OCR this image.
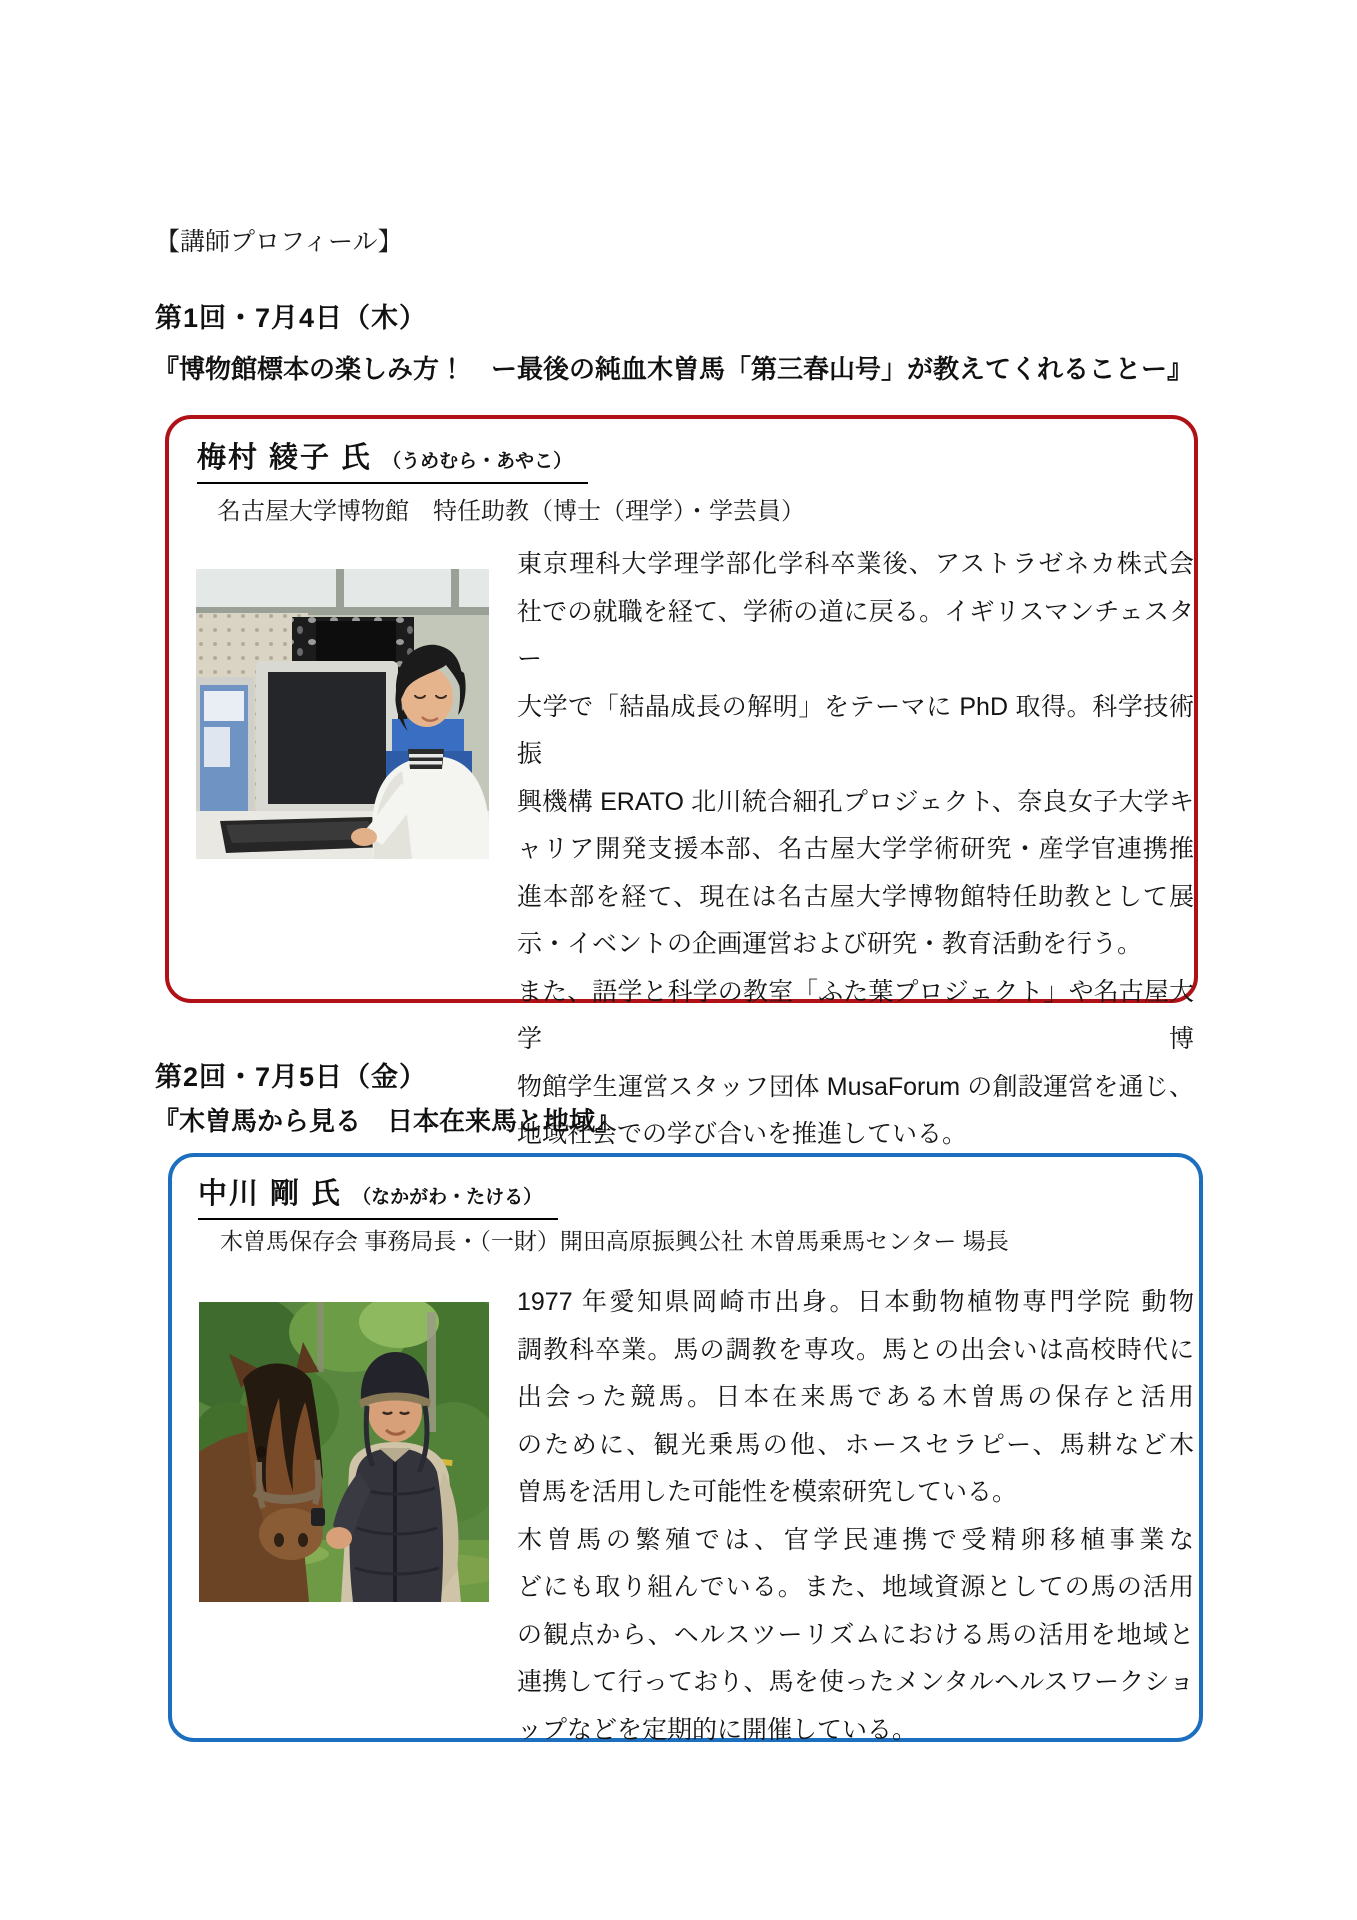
【講師プロフィール】
第1回・7月4日（木）
『博物館標本の楽しみ方！　ー最後の純血木曽馬「第三春山号」が教えてくれることー』
梅村 綾子 氏 （うめむら・あやこ）
名古屋大学博物館　特任助教（博士（理学）・学芸員）
東京理科大学理学部化学科卒業後、アストラゼネカ株式会
社での就職を経て、学術の道に戻る。イギリスマンチェスター
大学で「結晶成長の解明」をテーマに PhD 取得。科学技術振
興機構 ERATO 北川統合細孔プロジェクト、奈良女子大学キ
ャリア開発支援本部、名古屋大学学術研究・産学官連携推
進本部を経て、現在は名古屋大学博物館特任助教として展
示・イベントの企画運営および研究・教育活動を行う。
また、語学と科学の教室「ふた葉プロジェクト」や名古屋大学博
物館学生運営スタッフ団体 MusaForum の創設運営を通じ、
地域社会での学び合いを推進している。
第2回・7月5日（金）
『木曽馬から見る　日本在来馬と地域』
中川 剛 氏 （なかがわ・たける）
木曽馬保存会 事務局長・（一財）開田高原振興公社 木曽馬乗馬センター 場長
1977 年愛知県岡崎市出身。日本動物植物専門学院 動物
調教科卒業。馬の調教を専攻。馬との出会いは高校時代に
出会った競馬。日本在来馬である木曽馬の保存と活用
のために、観光乗馬の他、ホースセラピー、馬耕など木
曽馬を活用した可能性を模索研究している。
木曽馬の繁殖では、官学民連携で受精卵移植事業な
どにも取り組んでいる。また、地域資源としての馬の活用
の観点から、ヘルスツーリズムにおける馬の活用を地域と
連携して行っており、馬を使ったメンタルヘルスワークショ
ップなどを定期的に開催している。
